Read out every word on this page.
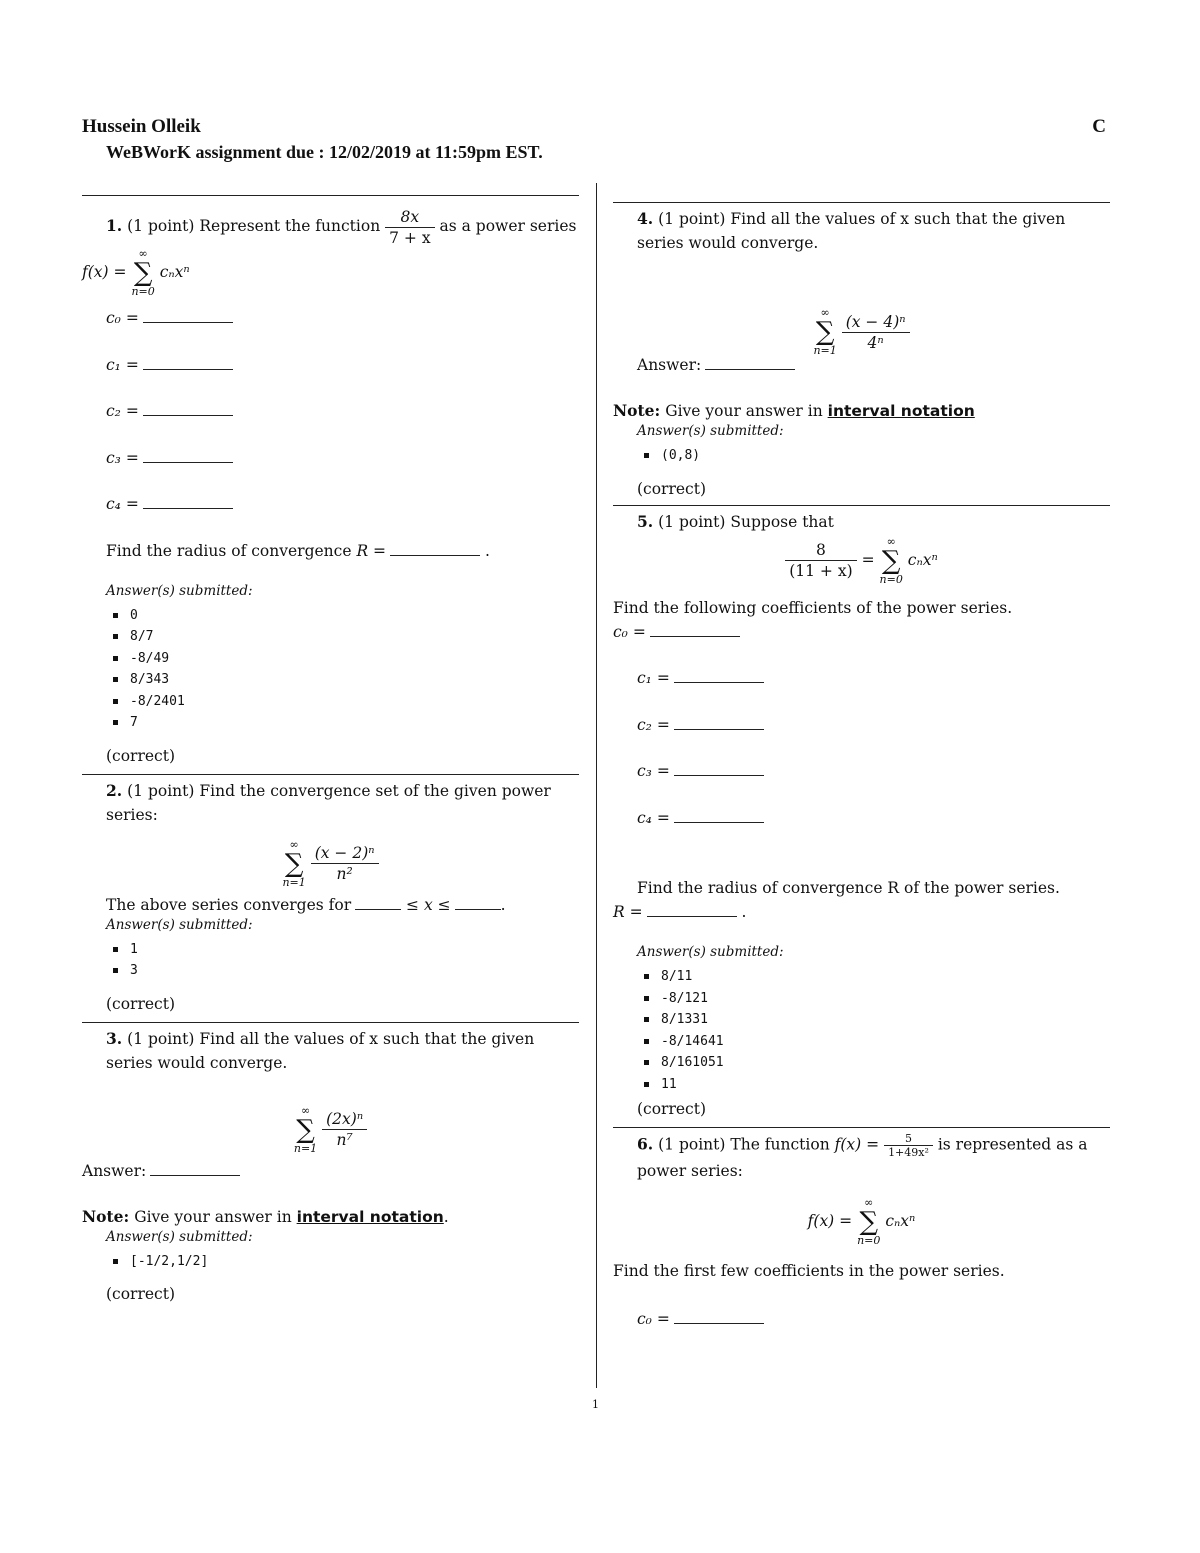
Hussein Olleik	C
WeBWorK assignment due : 12/02/2019 at 11:59pm EST.

1. (1 point) Represent the function $\frac{8x}{7 + x}$ as a power series

f(x) =
∞
∑
n=0
cₙxⁿ

c₀ =
c₁ =
c₂ =
c₃ =
c₄ =

Find the radius of convergence R =	.

Answer(s) submitted:
0
8/7
-8/49
8/343
-8/2401
7
(correct)

2. (1 point) Find the convergence set of the given power series:

∞
∑
n=1
$\frac{\text{(x − 2)ⁿ}}{\text{n²}}$

The above series converges for	≤ x ≤	.

Answer(s) submitted:
1
3
(correct)

3. (1 point) Find all the values of x such that the given series would converge.

∞
∑
n=1
$\frac{\text{(2x)ⁿ}}{\text{n⁷}}$

Answer:

Note: Give your answer in interval notation.

Answer(s) submitted:
[-1/2,1/2]
(correct)

4. (1 point) Find all the values of x such that the given series would converge.

∞
∑
n=1
$\frac{\text{(x − 4)ⁿ}}{\text{4ⁿ}}$

Answer:

Note: Give your answer in interval notation

Answer(s) submitted:
(0,8)
(correct)

5. (1 point) Suppose that

$\frac{8}{(11 + x)}$ =
∞
∑
n=0
cₙxⁿ

Find the following coefficients of the power series.

c₀ =
c₁ =
c₂ =
c₃ =
c₄ =

Find the radius of convergence R of the power series.

R =	.

Answer(s) submitted:
8/11
-8/121
8/1331
-8/14641
8/161051
11
(correct)

6. (1 point) The function $f(x) = \frac{5}{\text{1+49x²}}$ is represented as a power series:

f(x) =
∞
∑
n=0
cₙxⁿ

Find the first few coefficients in the power series.

c₀ =
1
